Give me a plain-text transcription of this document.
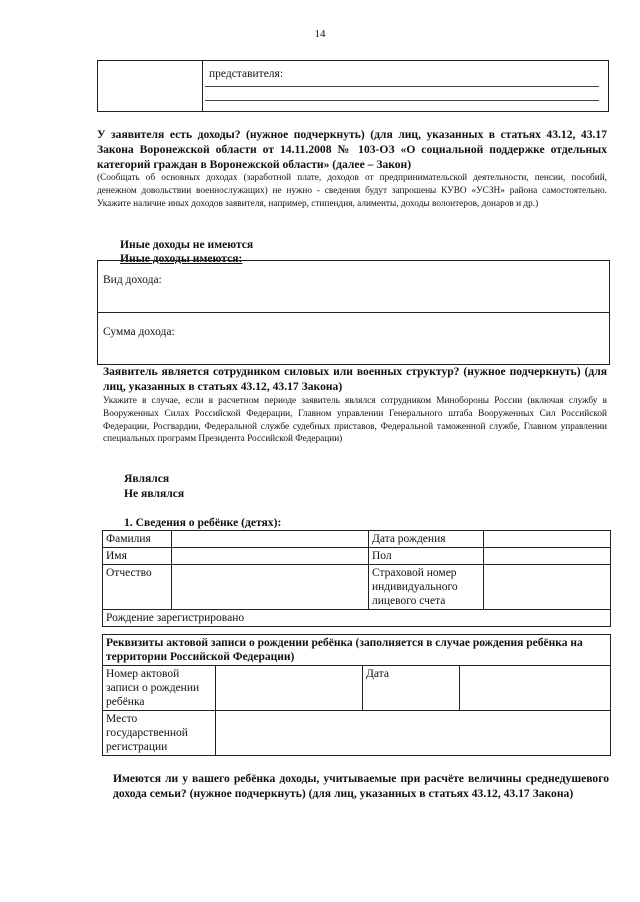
14
	представителя:
У заявителя есть доходы? (нужное подчеркнуть) (для лиц, указанных в статьях 43.12, 43.17 Закона Воронежской области от 14.11.2008 № 103-ОЗ «О социальной поддержке отдельных категорий граждан в Воронежской области» (далее – Закон)
(Сообщать об основных доходах (заработной плате, доходов от предпринимательской деятельности, пенсии, пособий, денежном довольствии военнослужащих) не нужно - сведения будут запрошены КУВО «УСЗН» района самостоятельно. Укажите наличие иных доходов заявителя, например, стипендия, алименты, доходы волонтеров, донаров и др.)
Иные доходы не имеются
Иные доходы имеются:
Вид дохода:
Сумма дохода:
Заявитель является сотрудником силовых или военных структур? (нужное подчеркнуть) (для лиц, указанных в статьях 43.12, 43.17 Закона)
Укажите в случае, если в расчетном периоде заявитель являлся сотрудником Минобороны России (включая службу в Вооруженных Силах Российской Федерации, Главном управлении Генерального штаба Вооруженных Сил Российской Федерации, Росгвардии, Федеральной службе судебных приставов, Федеральной таможенной службе, Главном управлении специальных программ Президента Российской Федерации)
Являлся
Не являлся
1. Сведения о ребёнке (детях):
Фамилия		Дата рождения	
Имя		Пол	
Отчество		Страховой номер индивидуального лицевого счета	
Рождение зарегистрировано			
Реквизиты актовой записи о рождении ребёнка (заполняется в случае рождения ребёнка на территории Российской Федерации)			
Номер актовой записи о рождении ребёнка		Дата	
Место государственной регистрации			
Имеются ли у вашего ребёнка доходы, учитываемые при расчёте величины среднедушевого дохода семьи? (нужное подчеркнуть) (для лиц, указанных в статьях 43.12, 43.17 Закона)
